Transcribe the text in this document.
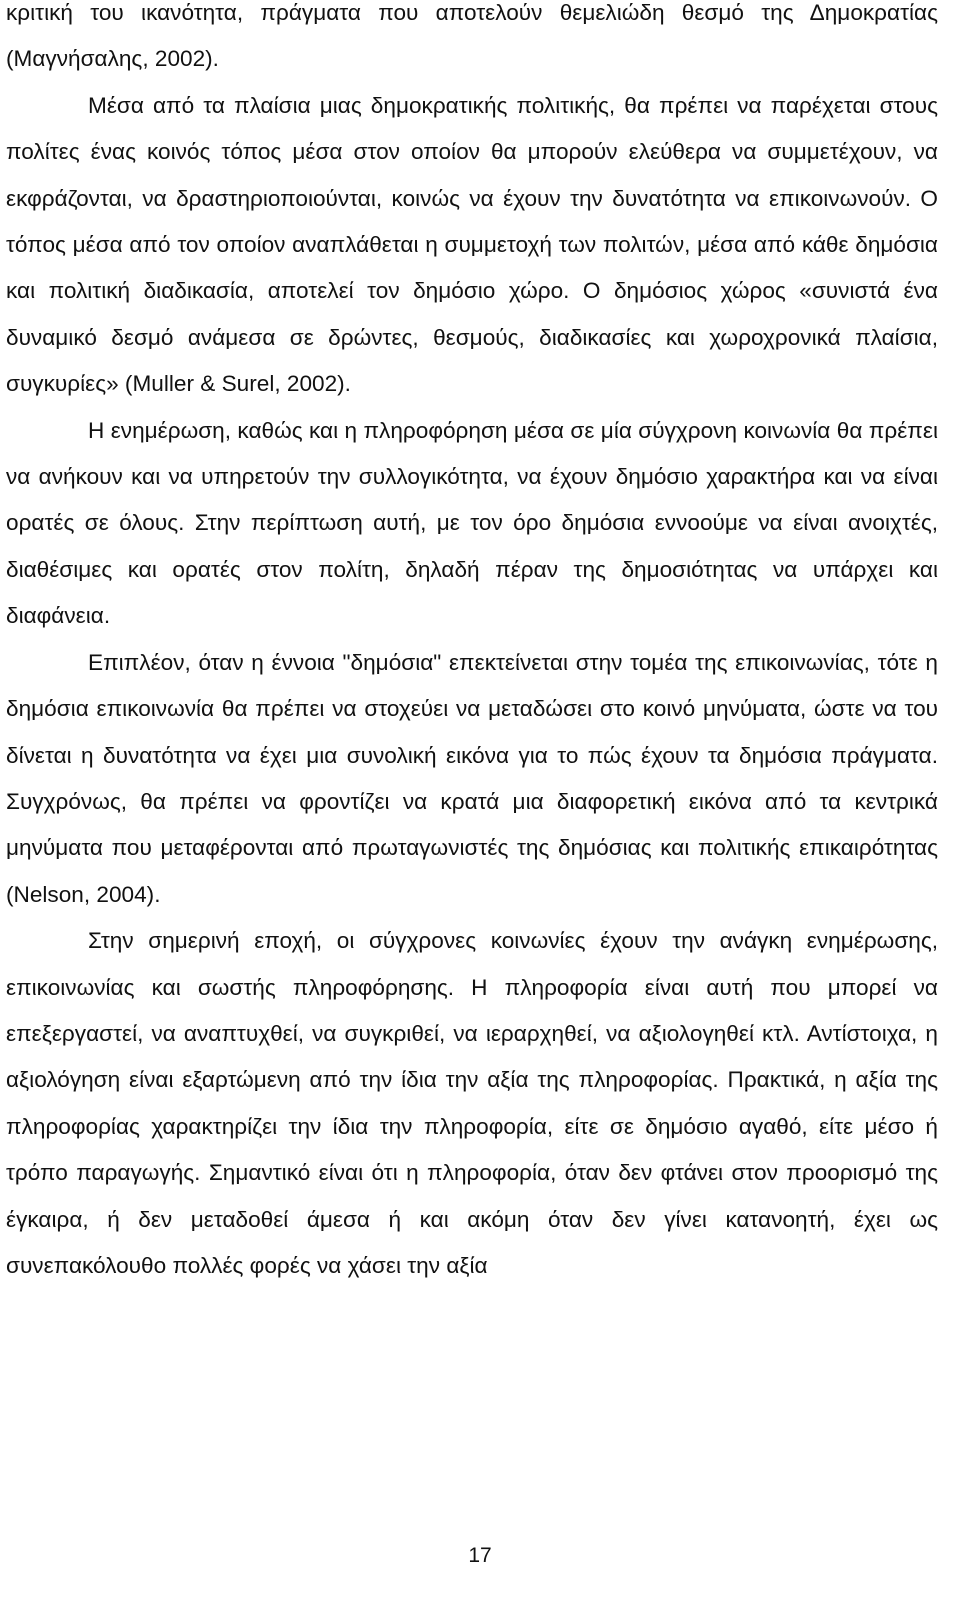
κριτική του ικανότητα, πράγματα που αποτελούν θεμελιώδη θεσμό της Δημοκρατίας (Μαγνήσαλης, 2002).

Μέσα από τα πλαίσια μιας δημοκρατικής πολιτικής, θα πρέπει να παρέχεται στους πολίτες ένας κοινός τόπος μέσα στον οποίον θα μπορούν ελεύθερα να συμμετέχουν, να εκφράζονται, να δραστηριοποιούνται, κοινώς να έχουν την δυνατότητα να επικοινωνούν. Ο τόπος μέσα από τον οποίον αναπλάθεται η συμμετοχή των πολιτών, μέσα από κάθε δημόσια και πολιτική διαδικασία, αποτελεί τον δημόσιο χώρο. Ο δημόσιος χώρος «συνιστά ένα δυναμικό δεσμό ανάμεσα σε δρώντες, θεσμούς, διαδικασίες και χωροχρονικά πλαίσια, συγκυρίες» (Muller & Surel, 2002).

Η ενημέρωση, καθώς και η πληροφόρηση μέσα σε μία σύγχρονη κοινωνία θα πρέπει να ανήκουν και να υπηρετούν την συλλογικότητα, να έχουν δημόσιο χαρακτήρα και να είναι ορατές σε όλους. Στην περίπτωση αυτή, με τον όρο δημόσια εννοούμε να είναι ανοιχτές, διαθέσιμες και ορατές στον πολίτη, δηλαδή πέραν της δημοσιότητας να υπάρχει και διαφάνεια.

Επιπλέον, όταν η έννοια "δημόσια" επεκτείνεται στην τομέα της επικοινωνίας, τότε η δημόσια επικοινωνία θα πρέπει να στοχεύει να μεταδώσει στο κοινό μηνύματα, ώστε να του δίνεται η δυνατότητα να έχει μια συνολική εικόνα για το πώς έχουν τα δημόσια πράγματα. Συγχρόνως, θα πρέπει να φροντίζει να κρατά μια διαφορετική εικόνα από τα κεντρικά μηνύματα που μεταφέρονται από πρωταγωνιστές της δημόσιας και πολιτικής επικαιρότητας (Nelson, 2004).

Στην σημερινή εποχή, οι σύγχρονες κοινωνίες έχουν την ανάγκη ενημέρωσης, επικοινωνίας και σωστής πληροφόρησης. Η πληροφορία είναι αυτή που μπορεί να επεξεργαστεί, να αναπτυχθεί, να συγκριθεί, να ιεραρχηθεί, να αξιολογηθεί κτλ. Αντίστοιχα, η αξιολόγηση είναι εξαρτώμενη από την ίδια την αξία της πληροφορίας. Πρακτικά, η αξία της πληροφορίας χαρακτηρίζει την ίδια την πληροφορία, είτε σε δημόσιο αγαθό, είτε μέσο ή τρόπο παραγωγής. Σημαντικό είναι ότι η πληροφορία, όταν δεν φτάνει στον προορισμό της έγκαιρα, ή δεν μεταδοθεί άμεσα ή και ακόμη όταν δεν γίνει κατανοητή, έχει ως συνεπακόλουθο πολλές φορές να χάσει την αξία

17
